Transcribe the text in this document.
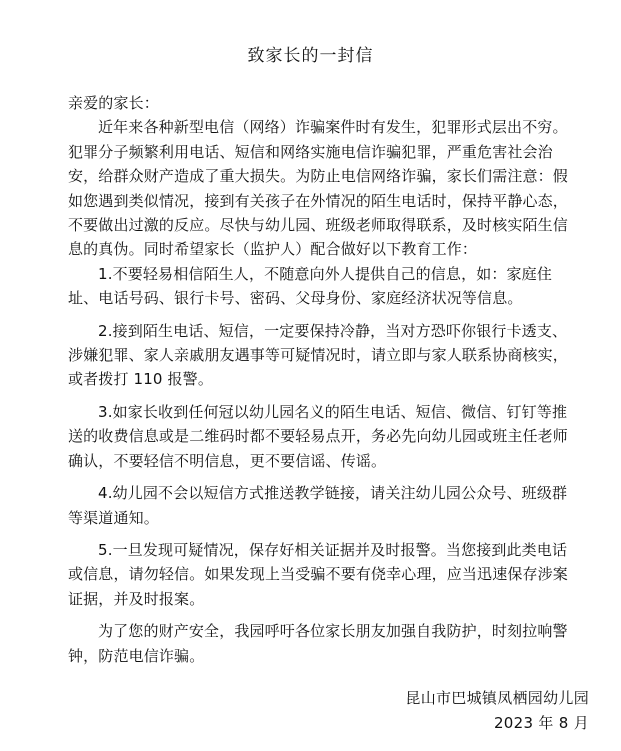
致家长的一封信

亲爱的家长：

近年来各种新型电信（网络）诈骗案件时有发生，犯罪形式层出不穷。犯罪分子频繁利用电话、短信和网络实施电信诈骗犯罪，严重危害社会治安，给群众财产造成了重大损失。为防止电信网络诈骗，家长们需注意：假如您遇到类似情况，接到有关孩子在外情况的陌生电话时，保持平静心态，不要做出过激的反应。尽快与幼儿园、班级老师取得联系，及时核实陌生信息的真伪。同时希望家长（监护人）配合做好以下教育工作：

1.不要轻易相信陌生人，不随意向外人提供自己的信息，如：家庭住址、电话号码、银行卡号、密码、父母身份、家庭经济状况等信息。

2.接到陌生电话、短信，一定要保持冷静，当对方恐吓你银行卡透支、涉嫌犯罪、家人亲戚朋友遇事等可疑情况时，请立即与家人联系协商核实，或者拨打 110 报警。

3.如家长收到任何冠以幼儿园名义的陌生电话、短信、微信、钉钉等推送的收费信息或是二维码时都不要轻易点开，务必先向幼儿园或班主任老师确认，不要轻信不明信息，更不要信谣、传谣。

4.幼儿园不会以短信方式推送教学链接，请关注幼儿园公众号、班级群等渠道通知。

5.一旦发现可疑情况，保存好相关证据并及时报警。当您接到此类电话或信息，请勿轻信。如果发现上当受骗不要有侥幸心理，应当迅速保存涉案证据，并及时报案。

为了您的财产安全，我园呼吁各位家长朋友加强自我防护，时刻拉响警钟，防范电信诈骗。

昆山市巴城镇凤栖园幼儿园
2023 年 8 月
